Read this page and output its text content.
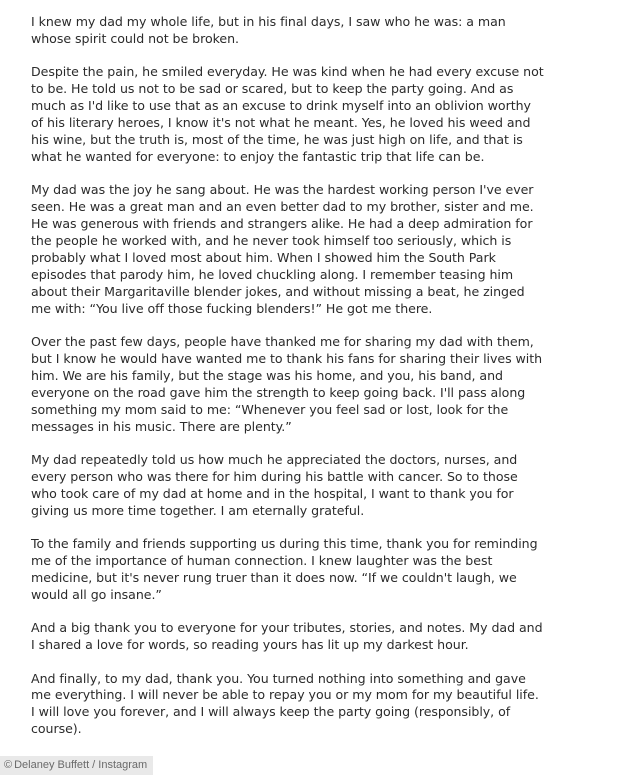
I knew my dad my whole life, but in his final days, I saw who he was: a man
whose spirit could not be broken.

Despite the pain, he smiled everyday. He was kind when he had every excuse not
to be. He told us not to be sad or scared, but to keep the party going. And as
much as I'd like to use that as an excuse to drink myself into an oblivion worthy
of his literary heroes, I know it's not what he meant. Yes, he loved his weed and
his wine, but the truth is, most of the time, he was just high on life, and that is
what he wanted for everyone: to enjoy the fantastic trip that life can be.

My dad was the joy he sang about. He was the hardest working person I've ever
seen. He was a great man and an even better dad to my brother, sister and me.
He was generous with friends and strangers alike. He had a deep admiration for
the people he worked with, and he never took himself too seriously, which is
probably what I loved most about him. When I showed him the South Park
episodes that parody him, he loved chuckling along. I remember teasing him
about their Margaritaville blender jokes, and without missing a beat, he zinged
me with: “You live off those fucking blenders!” He got me there.

Over the past few days, people have thanked me for sharing my dad with them,
but I know he would have wanted me to thank his fans for sharing their lives with
him. We are his family, but the stage was his home, and you, his band, and
everyone on the road gave him the strength to keep going back. I'll pass along
something my mom said to me: “Whenever you feel sad or lost, look for the
messages in his music. There are plenty.”

My dad repeatedly told us how much he appreciated the doctors, nurses, and
every person who was there for him during his battle with cancer. So to those
who took care of my dad at home and in the hospital, I want to thank you for
giving us more time together. I am eternally grateful.

To the family and friends supporting us during this time, thank you for reminding
me of the importance of human connection. I knew laughter was the best
medicine, but it's never rung truer than it does now. “If we couldn't laugh, we
would all go insane.”

And a big thank you to everyone for your tributes, stories, and notes. My dad and
I shared a love for words, so reading yours has lit up my darkest hour.

And finally, to my dad, thank you. You turned nothing into something and gave
me everything. I will never be able to repay you or my mom for my beautiful life.
I will love you forever, and I will always keep the party going (responsibly, of
course).

© Delaney Buffett / Instagram
